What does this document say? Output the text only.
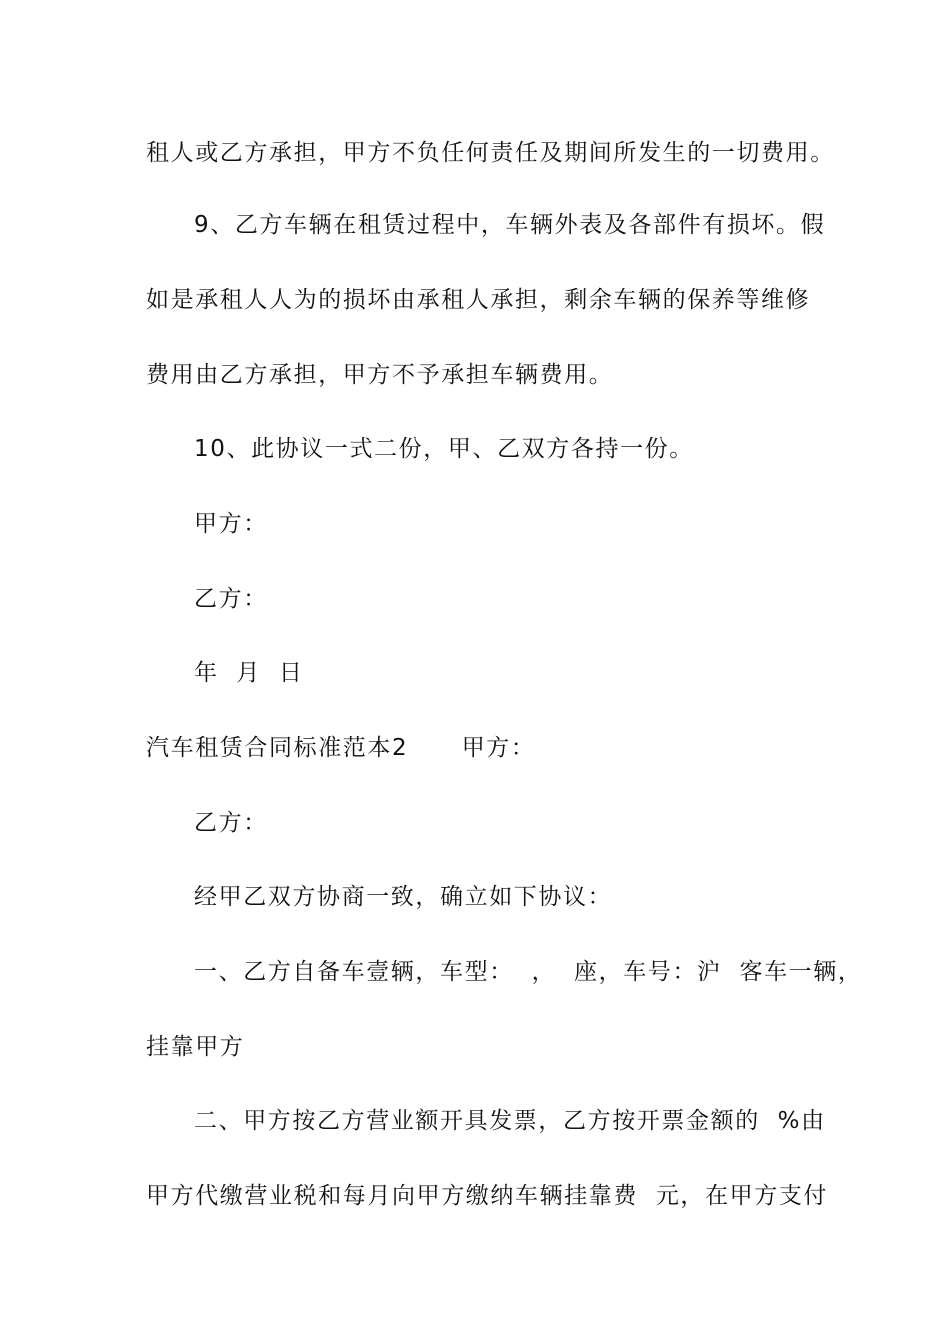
租人或乙方承担，甲方不负任何责任及期间所发生的一切费用。
9、乙方车辆在租赁过程中，车辆外表及各部件有损坏。假
如是承租人人为的损坏由承租人承担，剩余车辆的保养等维修
费用由乙方承担，甲方不予承担车辆费用。
10、此协议一式二份，甲、乙双方各持一份。
甲方：
乙方：
年  月  日
汽车租赁合同标准范本2      甲方：
乙方：
经甲乙双方协商一致，确立如下协议：
一、乙方自备车壹辆，车型：  ，  座，车号：沪  客车一辆，
挂靠甲方
二、甲方按乙方营业额开具发票，乙方按开票金额的  %由
甲方代缴营业税和每月向甲方缴纳车辆挂靠费  元，在甲方支付
